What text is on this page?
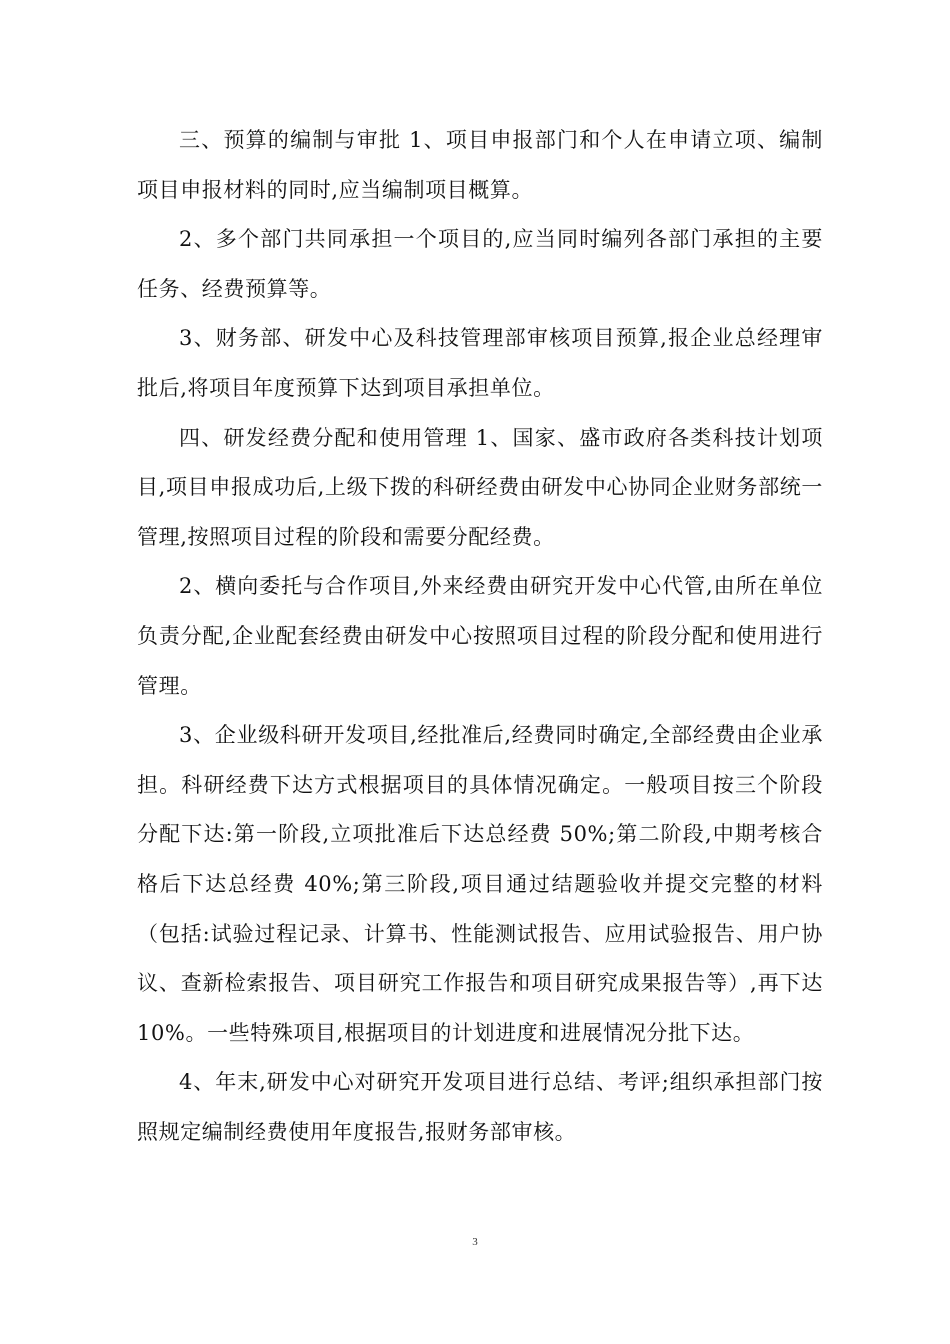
三、预算的编制与审批 1、项目申报部门和个人在申请立项、编制项目申报材料的同时,应当编制项目概算。

2、多个部门共同承担一个项目的,应当同时编列各部门承担的主要任务、经费预算等。

3、财务部、研发中心及科技管理部审核项目预算,报企业总经理审批后,将项目年度预算下达到项目承担单位。

四、研发经费分配和使用管理 1、国家、盛市政府各类科技计划项目,项目申报成功后,上级下拨的科研经费由研发中心协同企业财务部统一管理,按照项目过程的阶段和需要分配经费。

2、横向委托与合作项目,外来经费由研究开发中心代管,由所在单位负责分配,企业配套经费由研发中心按照项目过程的阶段分配和使用进行管理。

3、企业级科研开发项目,经批准后,经费同时确定,全部经费由企业承担。科研经费下达方式根据项目的具体情况确定。一般项目按三个阶段分配下达:第一阶段,立项批准后下达总经费 50%;第二阶段,中期考核合格后下达总经费 40%;第三阶段,项目通过结题验收并提交完整的材料（包括:试验过程记录、计算书、性能测试报告、应用试验报告、用户协议、查新检索报告、项目研究工作报告和项目研究成果报告等）,再下达 10%。一些特殊项目,根据项目的计划进度和进展情况分批下达。

4、年末,研发中心对研究开发项目进行总结、考评;组织承担部门按照规定编制经费使用年度报告,报财务部审核。

3
